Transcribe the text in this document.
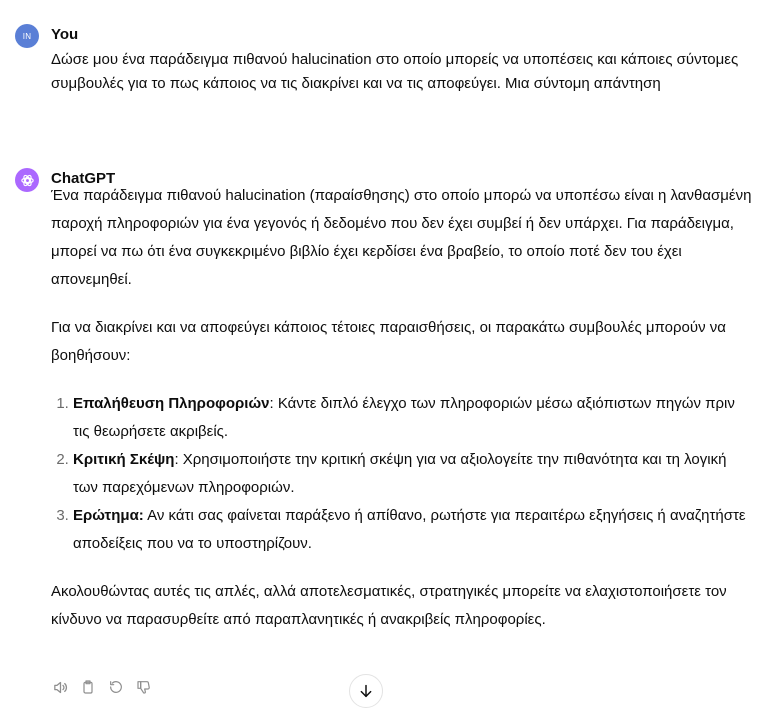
IN You
Δώσε μου ένα παράδειγμα πιθανού halucination στο οποίο μπορείς να υποπέσεις και κάποιες σύντομες συμβουλές για το πως κάποιος να τις διακρίνει και να τις αποφεύγει. Μια σύντομη απάντηση
ChatGPT

Ένα παράδειγμα πιθανού halucination (παραίσθησης) στο οποίο μπορώ να υποπέσω είναι η λανθασμένη παροχή πληροφοριών για ένα γεγονός ή δεδομένο που δεν έχει συμβεί ή δεν υπάρχει. Για παράδειγμα, μπορεί να πω ότι ένα συγκεκριμένο βιβλίο έχει κερδίσει ένα βραβείο, το οποίο ποτέ δεν του έχει απονεμηθεί.

Για να διακρίνει και να αποφεύγει κάποιος τέτοιες παραισθήσεις, οι παρακάτω συμβουλές μπορούν να βοηθήσουν:

1. Επαλήθευση Πληροφοριών: Κάντε διπλό έλεγχο των πληροφοριών μέσω αξιόπιστων πηγών πριν τις θεωρήσετε ακριβείς.
2. Κριτική Σκέψη: Χρησιμοποιήστε την κριτική σκέψη για να αξιολογείτε την πιθανότητα και τη λογική των παρεχόμενων πληροφοριών.
3. Ερώτημα: Αν κάτι σας φαίνεται παράξενο ή απίθανο, ρωτήστε για περαιτέρω εξηγήσεις ή αναζητήστε αποδείξεις που να το υποστηρίζουν.

Ακολουθώντας αυτές τις απλές, αλλά αποτελεσματικές, στρατηγικές μπορείτε να ελαχιστοποιήσετε τον κίνδυνο να παρασυρθείτε από παραπλανητικές ή ανακριβείς πληροφορίες.
